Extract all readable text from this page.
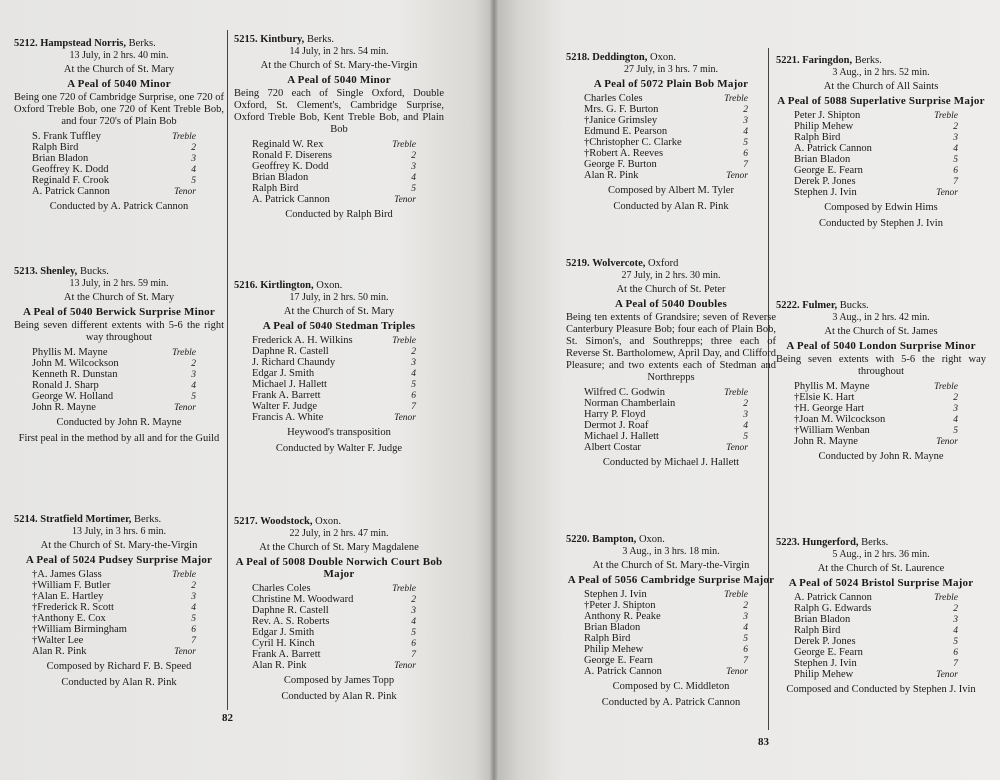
82
5212. Hampstead Norris, Berks.
13 July, in 2 hrs. 40 min.
At the Church of St. Mary
A Peal of 5040 Minor
Being one 720 of Cambridge Surprise, one 720 of Oxford Treble Bob, one 720 of Kent Treble Bob, and four 720's of Plain Bob
S. Frank Tuffley	Treble
Ralph Bird	2
Brian Bladon	3
Geoffrey K. Dodd	4
Reginald F. Crook	5
A. Patrick Cannon	Tenor
Conducted by A. Patrick Cannon
5213. Shenley, Bucks.
13 July, in 2 hrs. 59 min.
At the Church of St. Mary
A Peal of 5040 Berwick Surprise Minor
Being seven different extents with 5-6 the right way throughout
Phyllis M. Mayne	Treble
John M. Wilcockson	2
Kenneth R. Dunstan	3
Ronald J. Sharp	4
George W. Holland	5
John R. Mayne	Tenor
Conducted by John R. Mayne
First peal in the method by all and for the Guild
5214. Stratfield Mortimer, Berks.
13 July, in 3 hrs. 6 min.
At the Church of St. Mary-the-Virgin
A Peal of 5024 Pudsey Surprise Major
†A. James Glass	Treble
†William F. Butler	2
†Alan E. Hartley	3
†Frederick R. Scott	4
†Anthony E. Cox	5
†William Birmingham	6
†Walter Lee	7
Alan R. Pink	Tenor
Composed by Richard F. B. Speed
Conducted by Alan R. Pink
5215. Kintbury, Berks.
14 July, in 2 hrs. 54 min.
At the Church of St. Mary-the-Virgin
A Peal of 5040 Minor
Being 720 each of Single Oxford, Double Oxford, St. Clement's, Cambridge Surprise, Oxford Treble Bob, Kent Treble Bob, and Plain Bob
Reginald W. Rex	Treble
Ronald F. Diserens	2
Geoffrey K. Dodd	3
Brian Bladon	4
Ralph Bird	5
A. Patrick Cannon	Tenor
Conducted by Ralph Bird
5216. Kirtlington, Oxon.
17 July, in 2 hrs. 50 min.
At the Church of St. Mary
A Peal of 5040 Stedman Triples
Frederick A. H. Wilkins	Treble
Daphne R. Castell	2
J. Richard Chaundy	3
Edgar J. Smith	4
Michael J. Hallett	5
Frank A. Barrett	6
Walter F. Judge	7
Francis A. White	Tenor
Heywood's transposition
Conducted by Walter F. Judge
5217. Woodstock, Oxon.
22 July, in 2 hrs. 47 min.
At the Church of St. Mary Magdalene
A Peal of 5008 Double Norwich Court Bob Major
Charles Coles	Treble
Christine M. Woodward	2
Daphne R. Castell	3
Rev. A. S. Roberts	4
Edgar J. Smith	5
Cyril H. Kinch	6
Frank A. Barrett	7
Alan R. Pink	Tenor
Composed by James Topp
Conducted by Alan R. Pink
83
5218. Deddington, Oxon.
27 July, in 3 hrs. 7 min.
A Peal of 5072 Plain Bob Major
Charles Coles	Treble
Mrs. G. F. Burton	2
†Janice Grimsley	3
Edmund E. Pearson	4
†Christopher C. Clarke	5
†Robert A. Reeves	6
George F. Burton	7
Alan R. Pink	Tenor
Composed by Albert M. Tyler
Conducted by Alan R. Pink
5219. Wolvercote, Oxford
27 July, in 2 hrs. 30 min.
At the Church of St. Peter
A Peal of 5040 Doubles
Being ten extents of Grandsire; seven of Reverse Canterbury Pleasure Bob; four each of Plain Bob, St. Simon's, and Southrepps; three each of Reverse St. Bartholomew, April Day, and Clifford Pleasure; and two extents each of Stedman and Northrepps
Wilfred C. Godwin	Treble
Norman Chamberlain	2
Harry P. Floyd	3
Dermot J. Roaf	4
Michael J. Hallett	5
Albert Costar	Tenor
Conducted by Michael J. Hallett
5220. Bampton, Oxon.
3 Aug., in 3 hrs. 18 min.
At the Church of St. Mary-the-Virgin
A Peal of 5056 Cambridge Surprise Major
Stephen J. Ivin	Treble
†Peter J. Shipton	2
Anthony R. Peake	3
Brian Bladon	4
Ralph Bird	5
Philip Mehew	6
George E. Fearn	7
A. Patrick Cannon	Tenor
Composed by C. Middleton
Conducted by A. Patrick Cannon
5221. Faringdon, Berks.
3 Aug., in 2 hrs. 52 min.
At the Church of All Saints
A Peal of 5088 Superlative Surprise Major
Peter J. Shipton	Treble
Philip Mehew	2
Ralph Bird	3
A. Patrick Cannon	4
Brian Bladon	5
George E. Fearn	6
Derek P. Jones	7
Stephen J. Ivin	Tenor
Composed by Edwin Hims
Conducted by Stephen J. Ivin
5222. Fulmer, Bucks.
3 Aug., in 2 hrs. 42 min.
At the Church of St. James
A Peal of 5040 London Surprise Minor
Being seven extents with 5-6 the right way throughout
Phyllis M. Mayne	Treble
†Elsie K. Hart	2
†H. George Hart	3
†Joan M. Wilcockson	4
†William Wenban	5
John R. Mayne	Tenor
Conducted by John R. Mayne
5223. Hungerford, Berks.
5 Aug., in 2 hrs. 36 min.
At the Church of St. Laurence
A Peal of 5024 Bristol Surprise Major
A. Patrick Cannon	Treble
Ralph G. Edwards	2
Brian Bladon	3
Ralph Bird	4
Derek P. Jones	5
George E. Fearn	6
Stephen J. Ivin	7
Philip Mehew	Tenor
Composed and Conducted by Stephen J. Ivin
